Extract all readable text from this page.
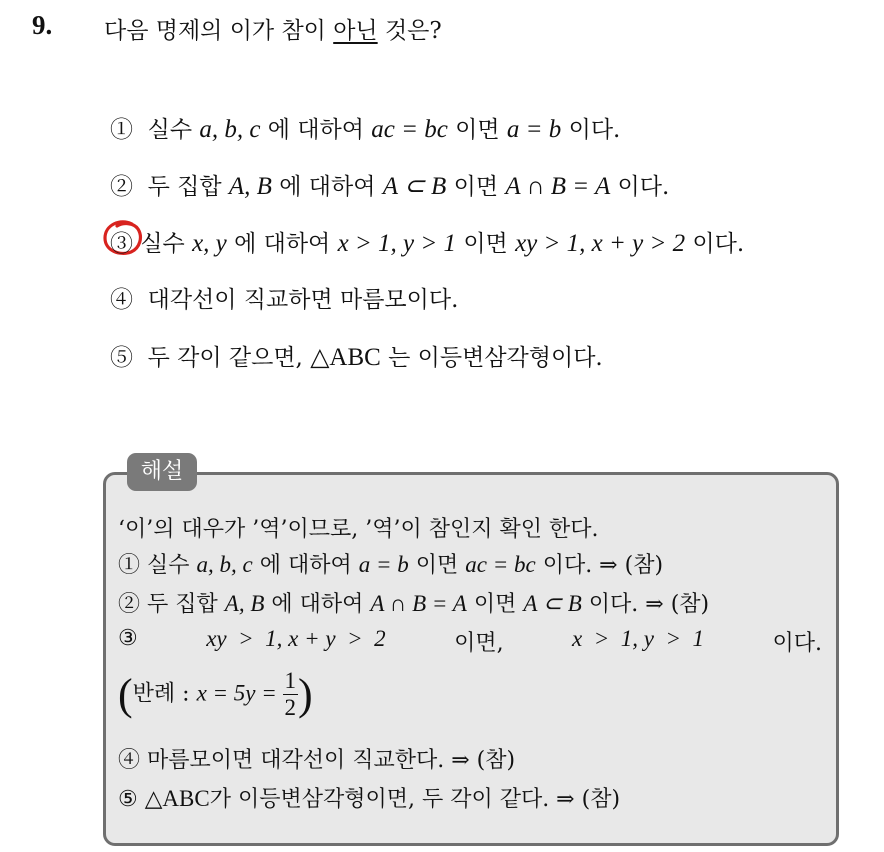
9. 다음 명제의 이가 참이 아닌 것은?
① 실수 a, b, c 에 대하여 ac = bc 이면 a = b 이다.
② 두 집합 A, B 에 대하여 A ⊂ B 이면 A ∩ B = A 이다.
③ 실수 x, y 에 대하여 x > 1, y > 1 이면 xy > 1, x + y > 2 이다.
④ 대각선이 직교하면 마름모이다.
⑤ 두 각이 같으면, △ABC 는 이등변삼각형이다.
해설
‘이’의 대우가 ’역’이므로, ’역’이 참인지 확인 한다.
① 실수 a, b, c 에 대하여 a = b 이면 ac = bc 이다. ⇒ (참)
② 두 집합 A, B 에 대하여 A ∩ B = A 이면 A ⊂ B 이다. ⇒ (참)
③	xy  >  1, x + y  >  2	이면,	x  >  1, y  >  1	이다.
(반례 : $x = 5y = \frac{1}{2}$ )
④ 마름모이면 대각선이 직교한다. ⇒ (참)
⑤ △ABC가 이등변삼각형이면, 두 각이 같다. ⇒ (참)
